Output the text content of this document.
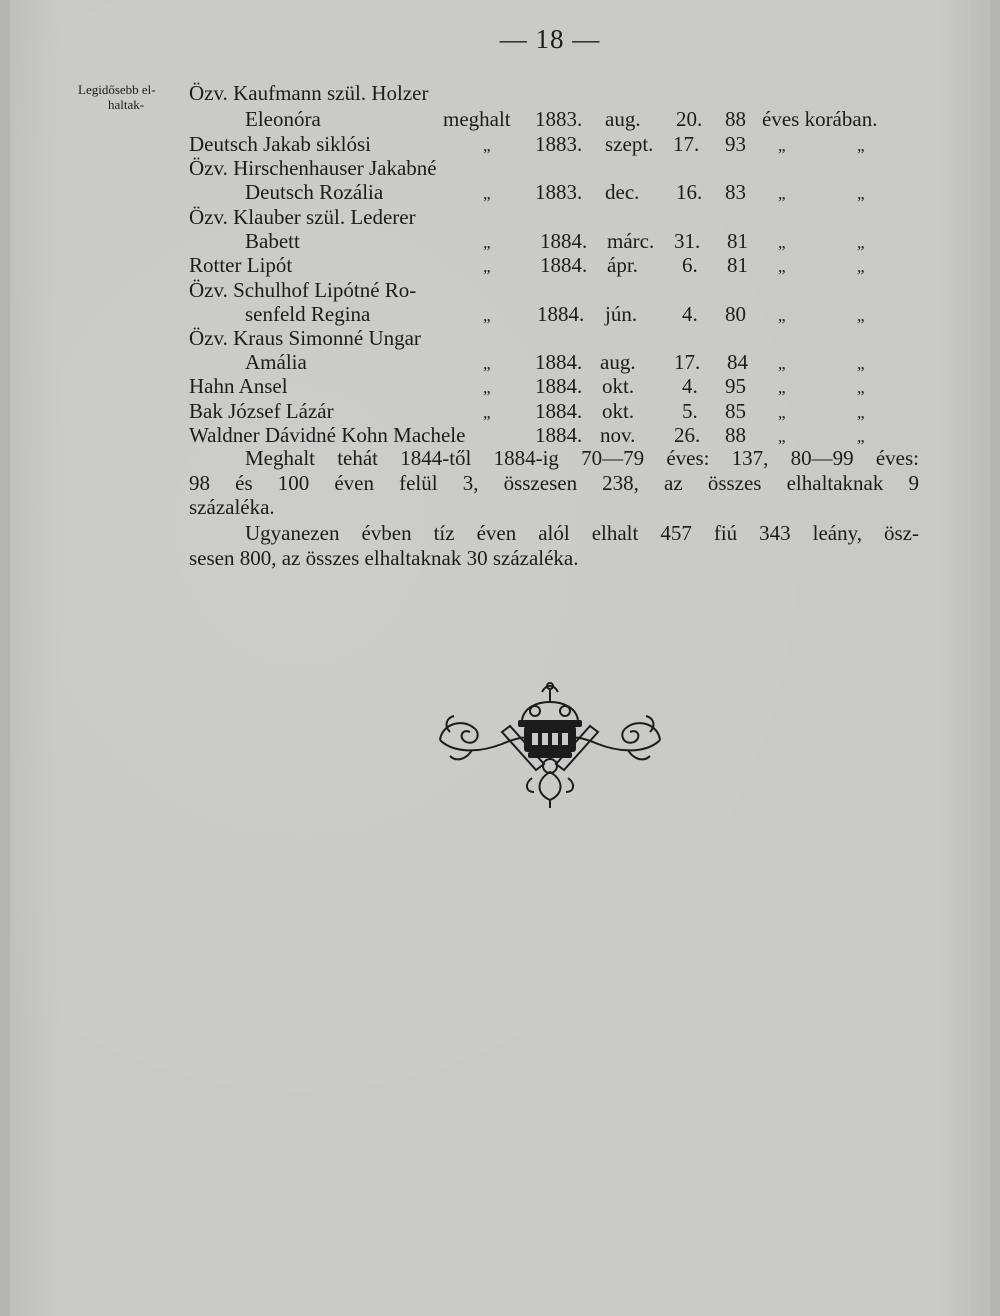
— 18 —
Legidősebb el-
haltak-	Özv. Kaufmann szül. Holzer
Eleonóra	meghalt 1883. aug. 20. 88 éves korában.
Deutsch Jakab siklósi	„ 1883. szept. 17. 93 „	„
Özv. Hirschenhauser Jakabné
Deutsch Rozália	„ 1883. dec. 16. 83 „	„
Özv. Klauber szül. Lederer
Babett	„ 1884. márc. 31. 81 „	„
Rotter Lipót	„ 1884. ápr. 6. 81 „	„
Özv. Schulhof Lipótné Ro-
senfeld Regina	„ 1884. jún. 4. 80 „	„
Özv. Kraus Simonné Ungar
Amália	„ 1884. aug. 17. 84 „	„
Hahn Ansel	„ 1884. okt. 4. 95 „	„
Bak József Lázár	„ 1884. okt. 5. 85 „	„
Waldner Dávidné Kohn Machele	1884. nov. 26. 88 „	„
Meghalt tehát 1844-től 1884-ig 70—79 éves: 137, 80—99 éves:
98 és 100 éven felül 3, összesen 238, az összes elhaltaknak 9
százaléka.
Ugyanezen évben tíz éven alól elhalt 457 fiú 343 leány, ösz-
sesen 800, az összes elhaltaknak 30 százaléka.
